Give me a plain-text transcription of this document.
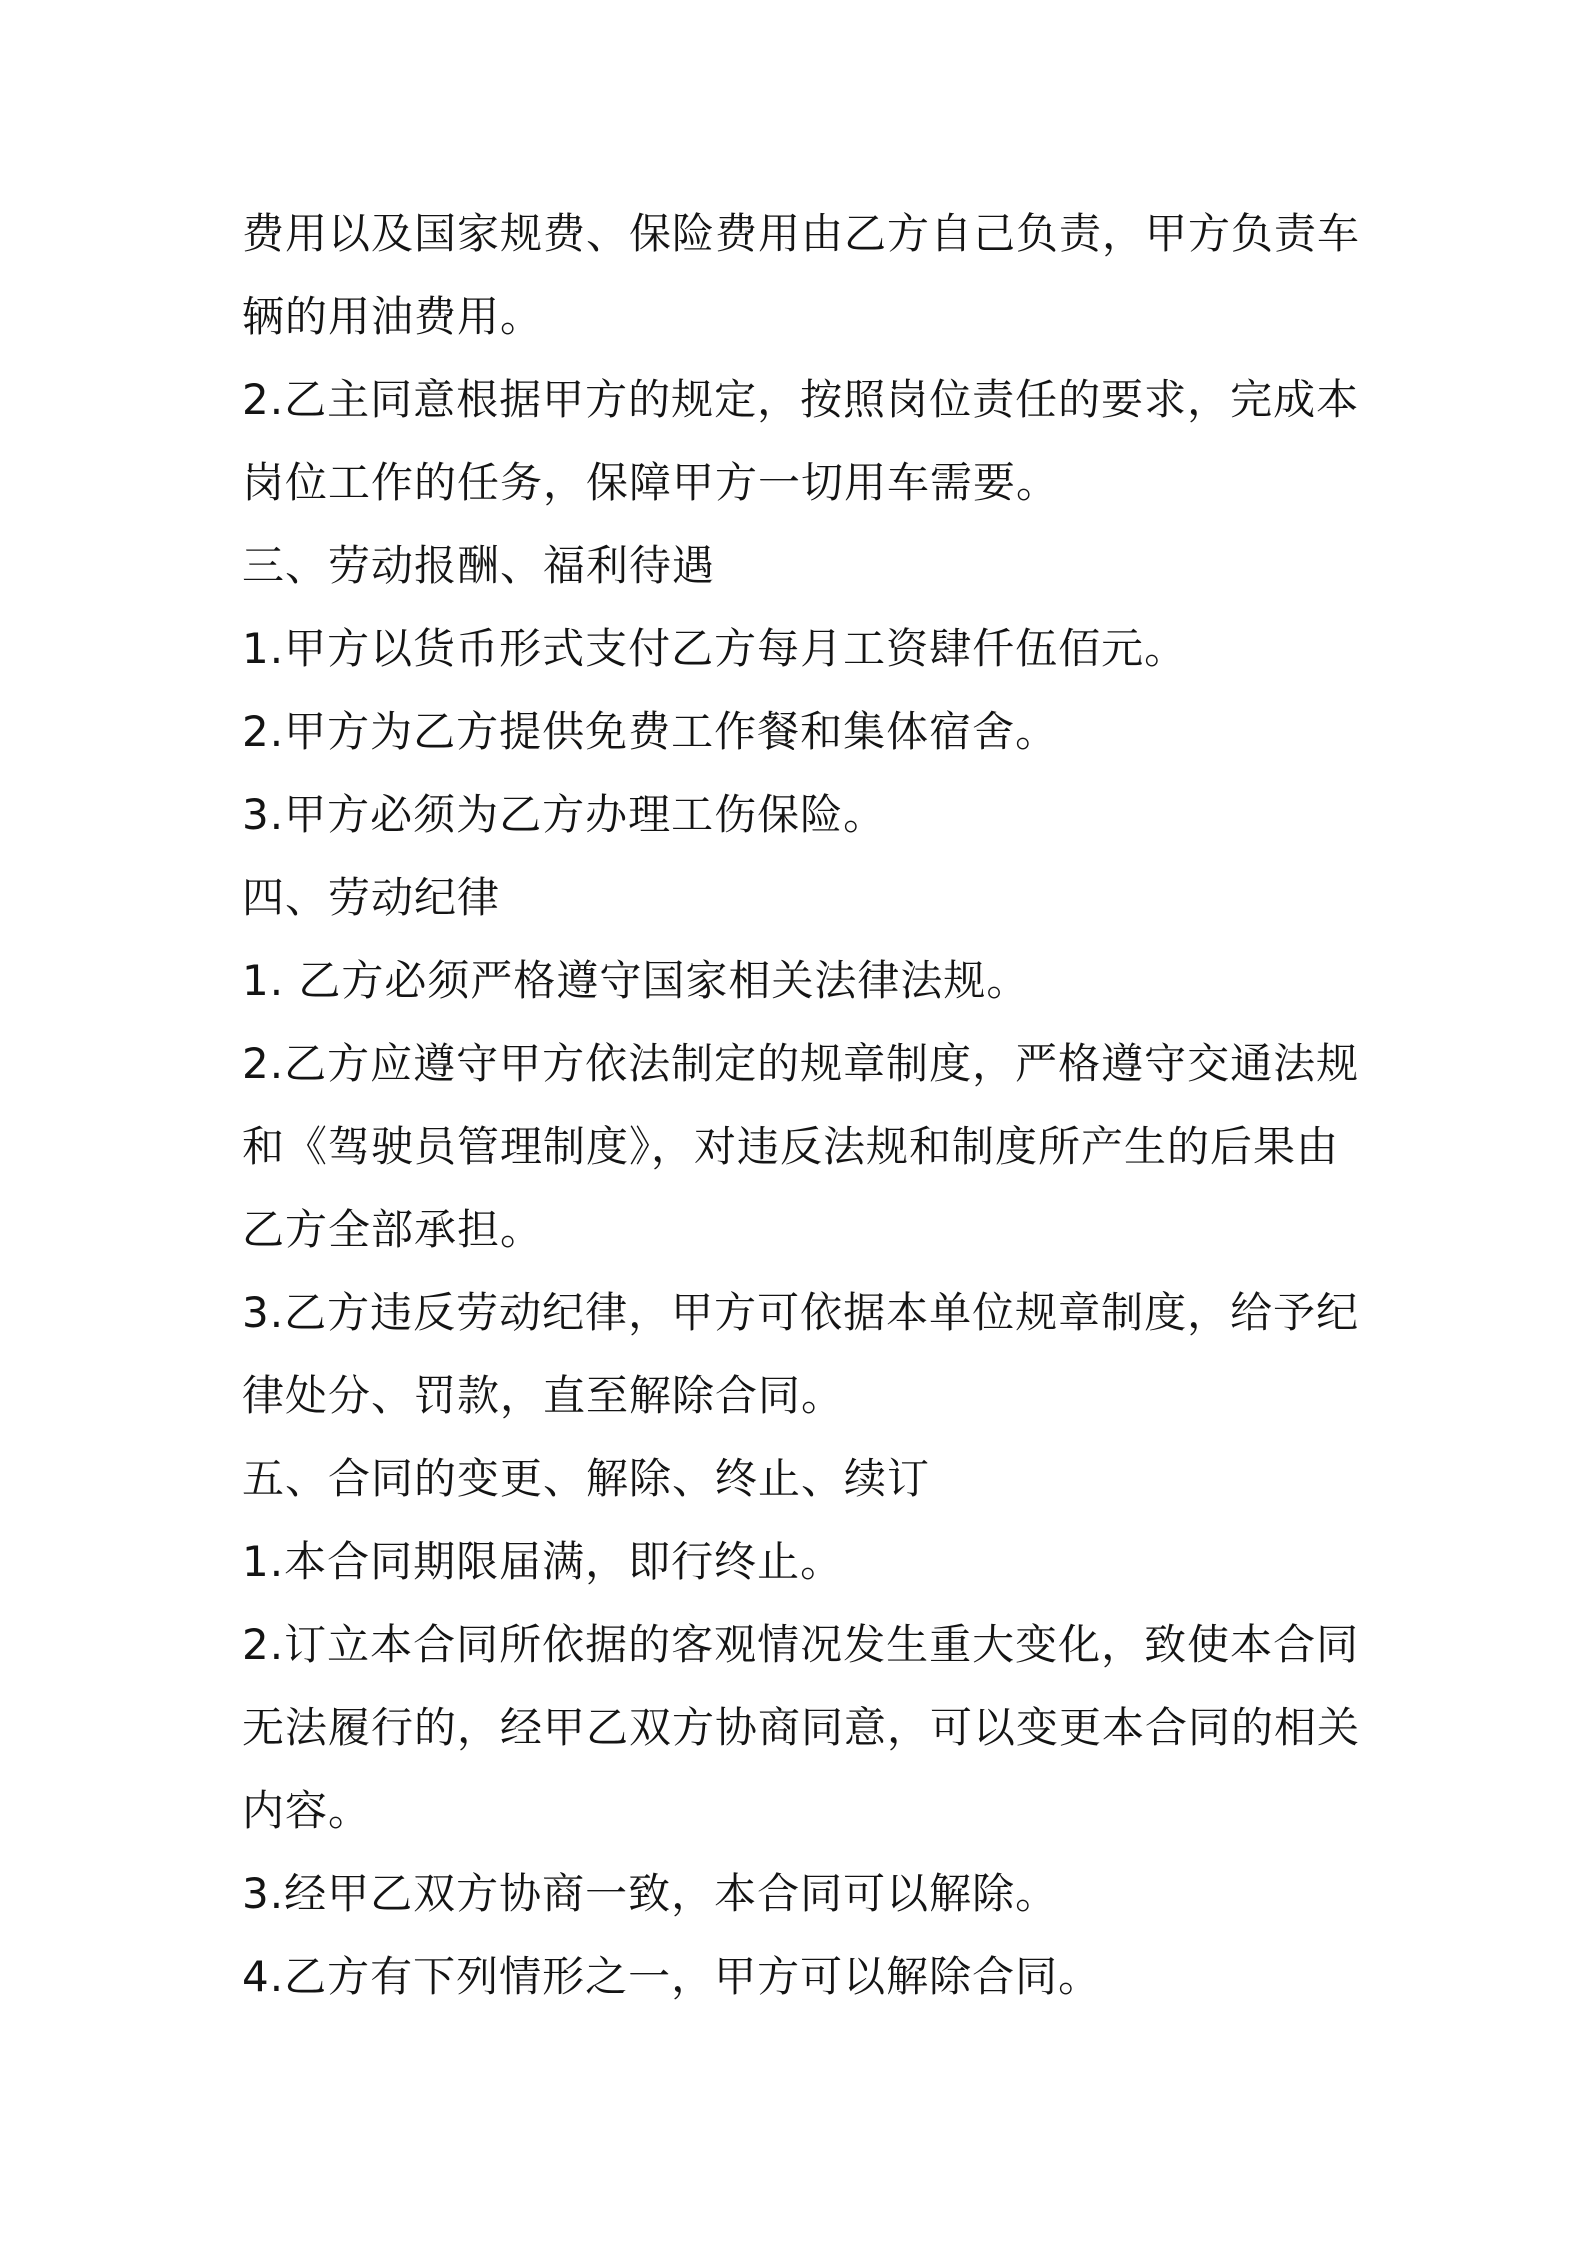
费用以及国家规费、保险费用由乙方自己负责，甲方负责车
辆的用油费用。
2.乙主同意根据甲方的规定，按照岗位责任的要求，完成本
岗位工作的任务，保障甲方一切用车需要。
三、劳动报酬、福利待遇
1.甲方以货币形式支付乙方每月工资肆仟伍佰元。
2.甲方为乙方提供免费工作餐和集体宿舍。
3.甲方必须为乙方办理工伤保险。
四、劳动纪律
1. 乙方必须严格遵守国家相关法律法规。
2.乙方应遵守甲方依法制定的规章制度，严格遵守交通法规
和《驾驶员管理制度》，对违反法规和制度所产生的后果由
乙方全部承担。
3.乙方违反劳动纪律，甲方可依据本单位规章制度，给予纪
律处分、罚款，直至解除合同。
五、合同的变更、解除、终止、续订
1.本合同期限届满，即行终止。
2.订立本合同所依据的客观情况发生重大变化，致使本合同
无法履行的，经甲乙双方协商同意，可以变更本合同的相关
内容。
3.经甲乙双方协商一致，本合同可以解除。
4.乙方有下列情形之一，甲方可以解除合同。
